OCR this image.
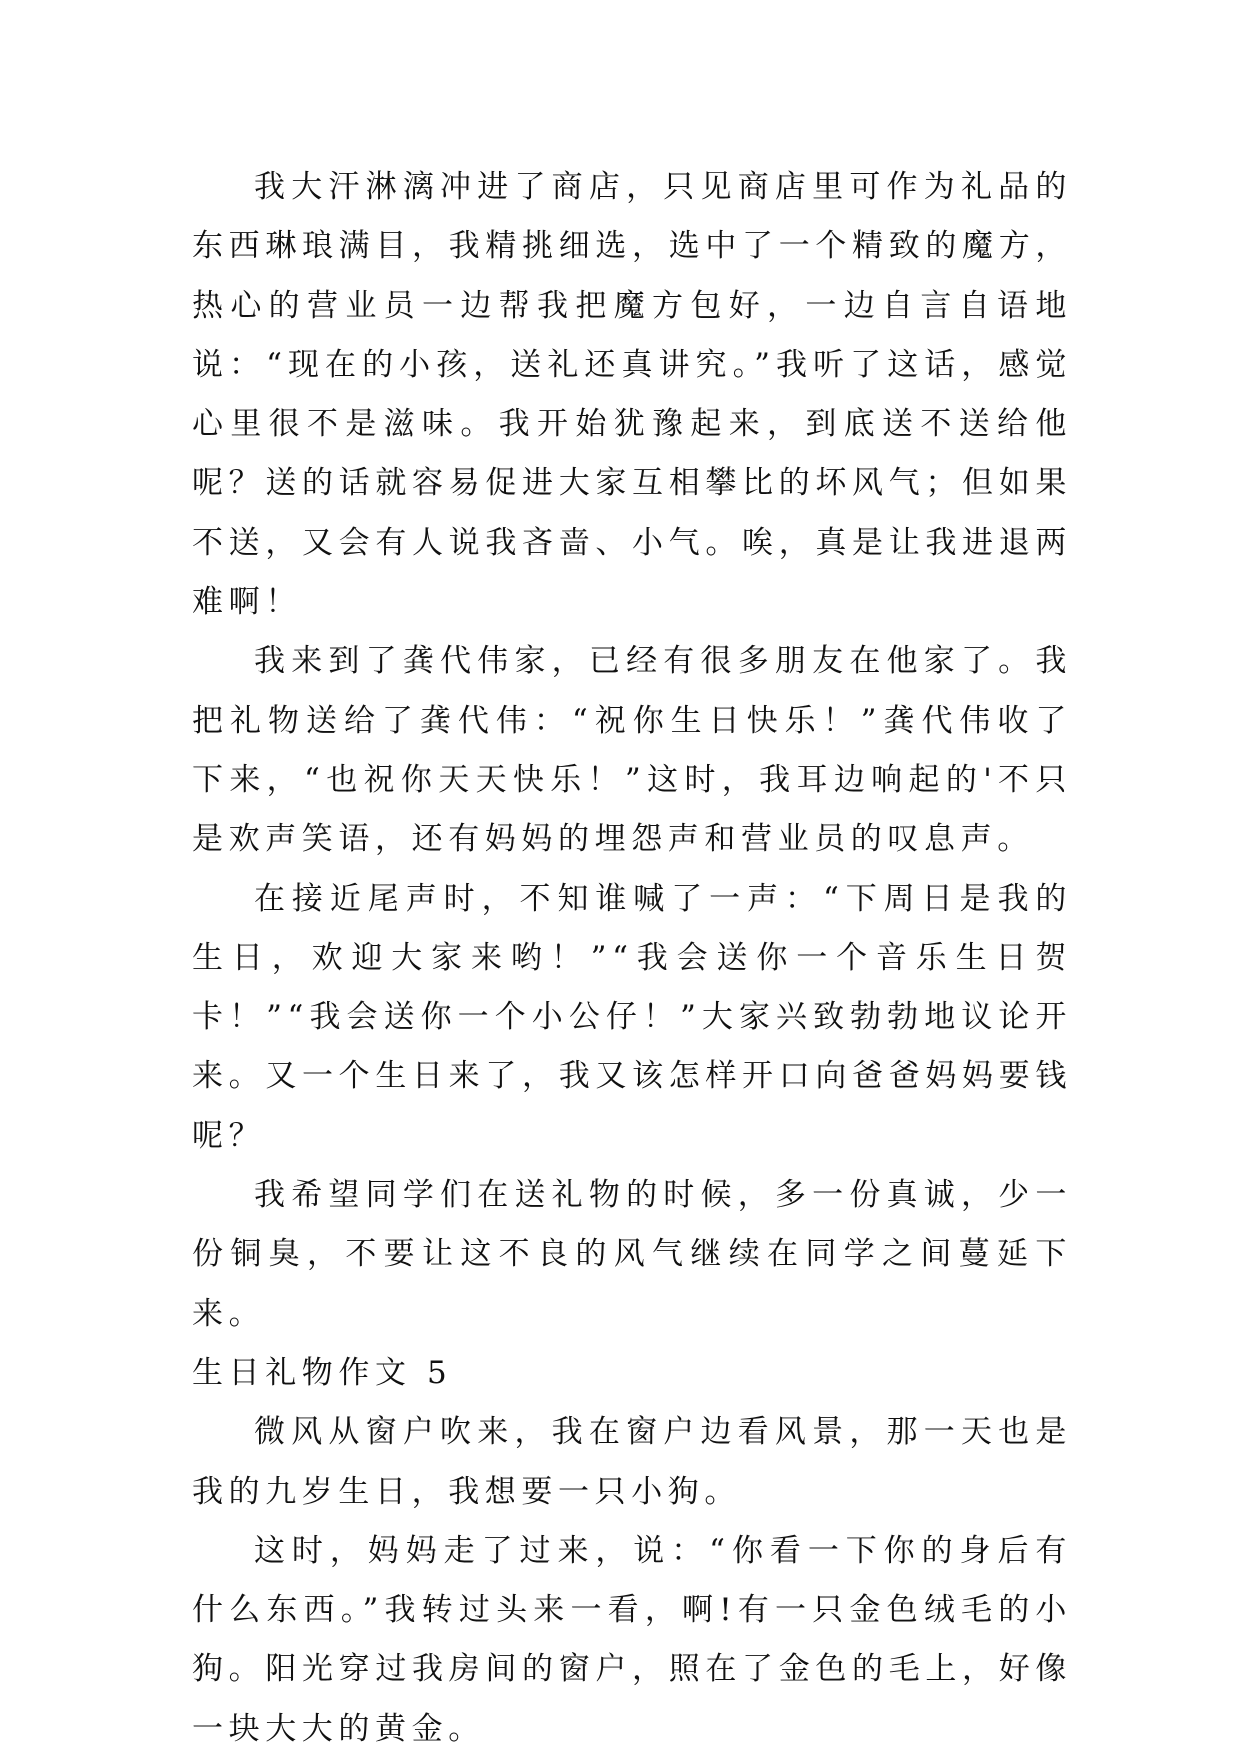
我大汗淋漓冲进了商店，只见商店里可作为礼品的东西琳琅满目，我精挑细选，选中了一个精致的魔方，热心的营业员一边帮我把魔方包好，一边自言自语地说：“现在的小孩，送礼还真讲究。”我听了这话，感觉心里很不是滋味。我开始犹豫起来，到底送不送给他呢？送的话就容易促进大家互相攀比的坏风气；但如果不送，又会有人说我吝啬、小气。唉，真是让我进退两难啊！

我来到了龚代伟家，已经有很多朋友在他家了。我把礼物送给了龚代伟：“祝你生日快乐！”龚代伟收了下来，“也祝你天天快乐！”这时，我耳边响起的'不只是欢声笑语，还有妈妈的埋怨声和营业员的叹息声。

在接近尾声时，不知谁喊了一声：“下周日是我的生日，欢迎大家来哟！”“我会送你一个音乐生日贺卡！”“我会送你一个小公仔！”大家兴致勃勃地议论开来。又一个生日来了，我又该怎样开口向爸爸妈妈要钱呢？

我希望同学们在送礼物的时候，多一份真诚，少一份铜臭，不要让这不良的风气继续在同学之间蔓延下来。

生日礼物作文 5

微风从窗户吹来，我在窗户边看风景，那一天也是我的九岁生日，我想要一只小狗。

这时，妈妈走了过来，说：“你看一下你的身后有什么东西。”我转过头来一看，啊!有一只金色绒毛的小狗。阳光穿过我房间的窗户，照在了金色的毛上，好像一块大大的黄金。
